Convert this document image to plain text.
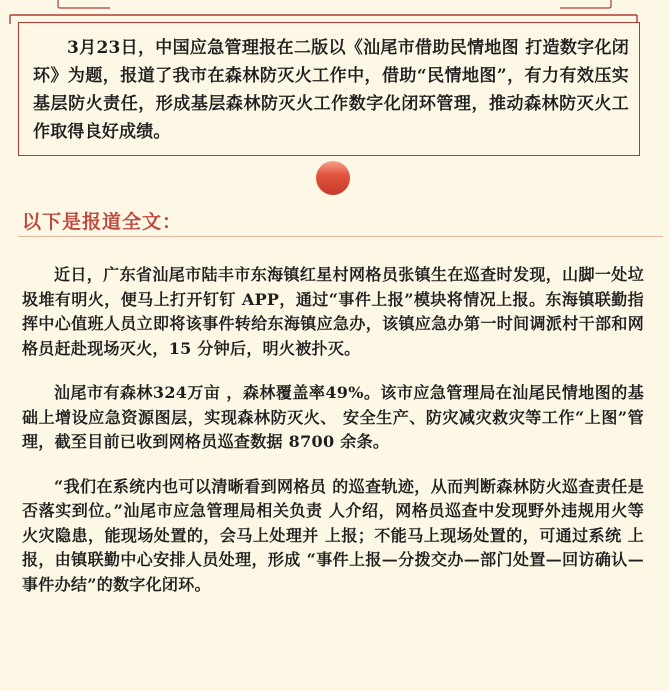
3月23日，中国应急管理报在二版以《汕尾市借助民情地图 打造数字化闭环》为题，报道了我市在森林防灭火工作中，借助“民情地图”，有力有效压实基层防火责任，形成基层森林防灭火工作数字化闭环管理，推动森林防灭火工作取得良好成绩。

以下是报道全文：

近日，广东省汕尾市陆丰市东海镇红星村网格员张镇生在巡查时发现，山脚一处垃圾堆有明火，便马上打开钉钉 APP，通过“事件上报”模块将情况上报。东海镇联勤指挥中心值班人员立即将该事件转给东海镇应急办，该镇应急办第一时间调派村干部和网格员赶赴现场灭火，15 分钟后，明火被扑灭。

汕尾市有森林324万亩 ，森林覆盖率49%。该市应急管理局在汕尾民情地图的基 础上增设应急资源图层，实现森林防灭火、 安全生产、防灾减灾救灾等工作“上图”管理，截至目前已收到网格员巡查数据 8700 余条。

“我们在系统内也可以清晰看到网格员 的巡查轨迹，从而判断森林防火巡查责任是 否落实到位。”汕尾市应急管理局相关负责 人介绍，网格员巡查中发现野外违规用火等 火灾隐患，能现场处置的，会马上处理并 上报；不能马上现场处置的，可通过系统 上报，由镇联勤中心安排人员处理，形成 “事件上报—分拨交办—部门处置—回访确认—事件办结”的数字化闭环。
